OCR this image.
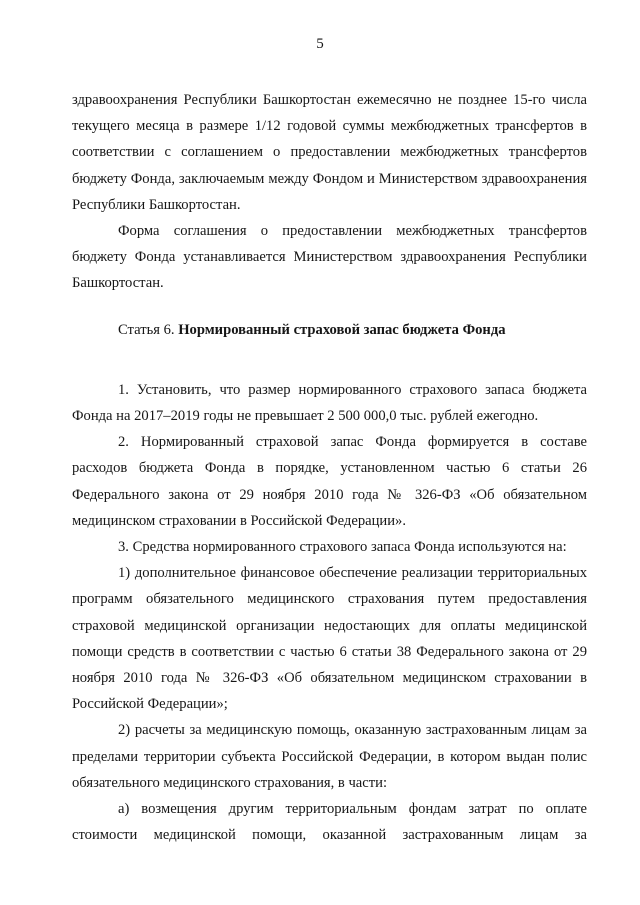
5

здравоохранения Республики Башкортостан ежемесячно не позднее 15-го числа текущего месяца в размере 1/12 годовой суммы межбюджетных трансфертов в соответствии с соглашением о предоставлении межбюджетных трансфертов бюджету Фонда, заключаемым между Фондом и Министерством здравоохранения Республики Башкортостан.

Форма соглашения о предоставлении межбюджетных трансфертов бюджету Фонда устанавливается Министерством здравоохранения Республики Башкортостан.

Статья 6. Нормированный страховой запас бюджета Фонда

1. Установить, что размер нормированного страхового запаса бюджета Фонда на 2017–2019 годы не превышает 2 500 000,0 тыс. рублей ежегодно.

2. Нормированный страховой запас Фонда формируется в составе расходов бюджета Фонда в порядке, установленном частью 6 статьи 26 Федерального закона от 29 ноября 2010 года № 326-ФЗ «Об обязательном медицинском страховании в Российской Федерации».

3. Средства нормированного страхового запаса Фонда используются на:

1) дополнительное финансовое обеспечение реализации территориальных программ обязательного медицинского страхования путем предоставления страховой медицинской организации недостающих для оплаты медицинской помощи средств в соответствии с частью 6 статьи 38 Федерального закона от 29 ноября 2010 года № 326-ФЗ «Об обязательном медицинском страховании в Российской Федерации»;

2) расчеты за медицинскую помощь, оказанную застрахованным лицам за пределами территории субъекта Российской Федерации, в котором выдан полис обязательного медицинского страхования, в части:

а) возмещения другим территориальным фондам затрат по оплате стоимости медицинской помощи, оказанной застрахованным лицам за
